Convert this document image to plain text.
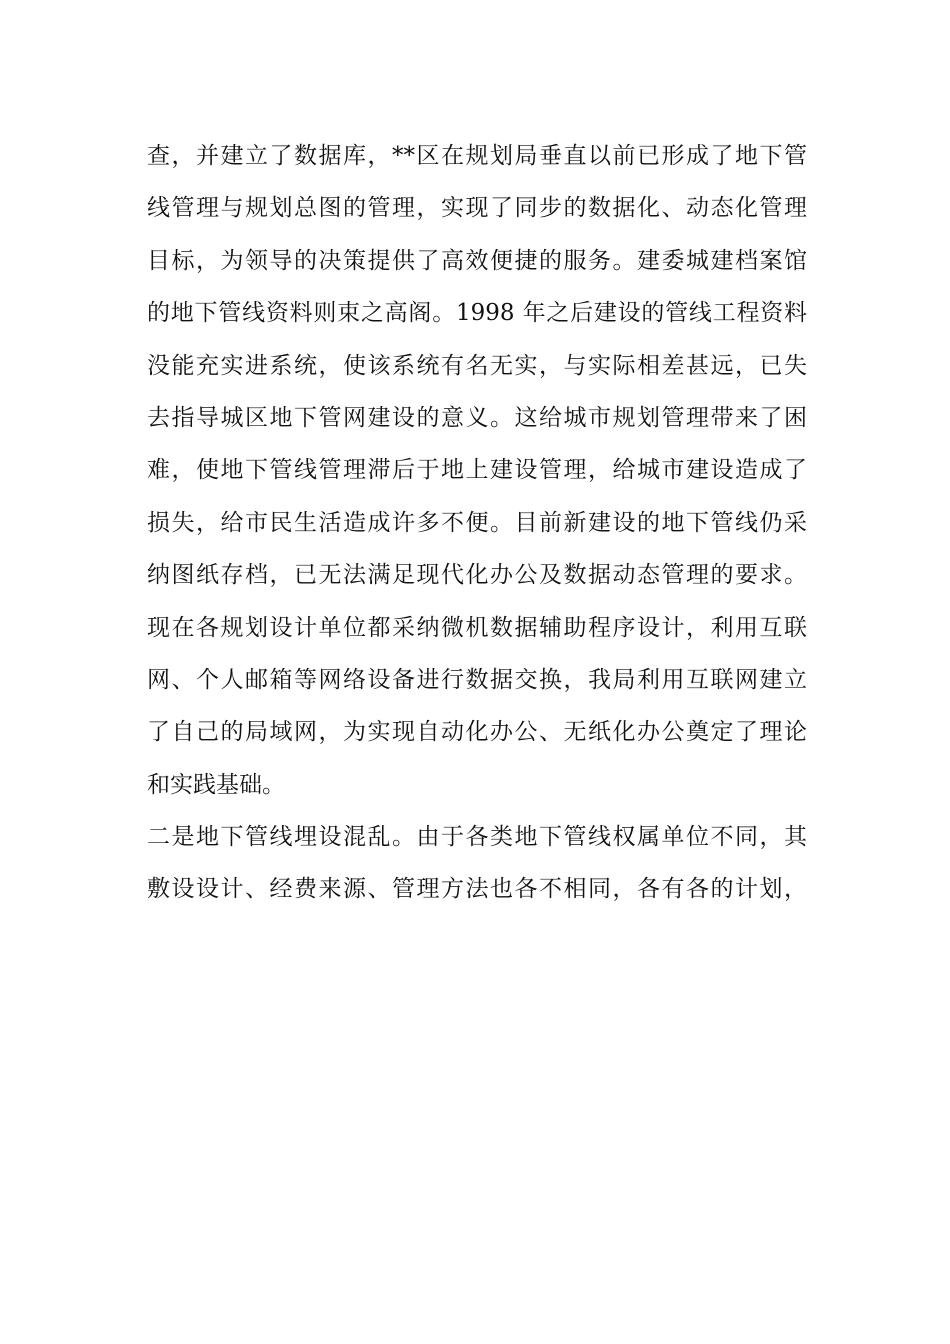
查，并建立了数据库，**区在规划局垂直以前已形成了地下管
线管理与规划总图的管理，实现了同步的数据化、动态化管理
目标，为领导的决策提供了高效便捷的服务。建委城建档案馆
的地下管线资料则束之高阁。1998 年之后建设的管线工程资料
没能充实进系统，使该系统有名无实，与实际相差甚远，已失
去指导城区地下管网建设的意义。这给城市规划管理带来了困
难，使地下管线管理滞后于地上建设管理，给城市建设造成了
损失，给市民生活造成许多不便。目前新建设的地下管线仍采
纳图纸存档，已无法满足现代化办公及数据动态管理的要求。
现在各规划设计单位都采纳微机数据辅助程序设计，利用互联
网、个人邮箱等网络设备进行数据交换，我局利用互联网建立
了自己的局域网，为实现自动化办公、无纸化办公奠定了理论
和实践基础。
二是地下管线埋设混乱。由于各类地下管线权属单位不同，其
敷设设计、经费来源、管理方法也各不相同，各有各的计划，
